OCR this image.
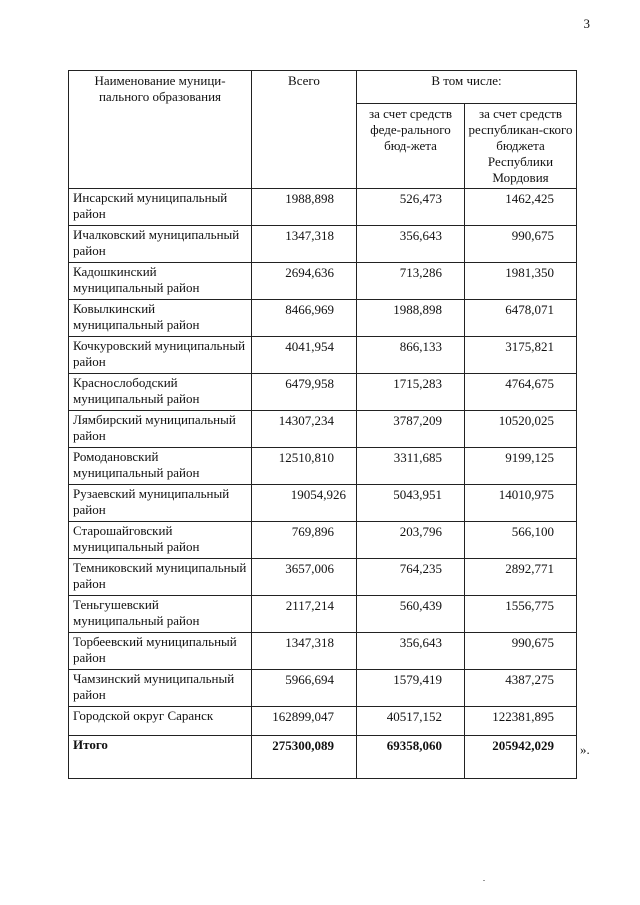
3
Наименование муници-пального образования	Всего	В том числе:	
		за счет средств феде-рального бюд-жета	за счет средств республикан-ского бюджета Республики Мордовия
Инсарский муниципальный район	1988,898	526,473	1462,425
Ичалковский муниципальный район	1347,318	356,643	990,675
Кадошкинский муниципальный район	2694,636	713,286	1981,350
Ковылкинский муниципальный район	8466,969	1988,898	6478,071
Кочкуровский муниципальный район	4041,954	866,133	3175,821
Краснослободский муниципальный район	6479,958	1715,283	4764,675
Лямбирский муниципальный район	14307,234	3787,209	10520,025
Ромодановский муниципальный район	12510,810	3311,685	9199,125
Рузаевский муниципальный район	19054,926	5043,951	14010,975
Старошайговский муниципальный район	769,896	203,796	566,100
Темниковский муниципальный район	3657,006	764,235	2892,771
Теньгушевский муниципальный район	2117,214	560,439	1556,775
Торбеевский муниципальный район	1347,318	356,643	990,675
Чамзинский муниципальный район	5966,694	1579,419	4387,275
Городской округ Саранск	162899,047	40517,152	122381,895
Итого	275300,089	69358,060	205942,029 ».
